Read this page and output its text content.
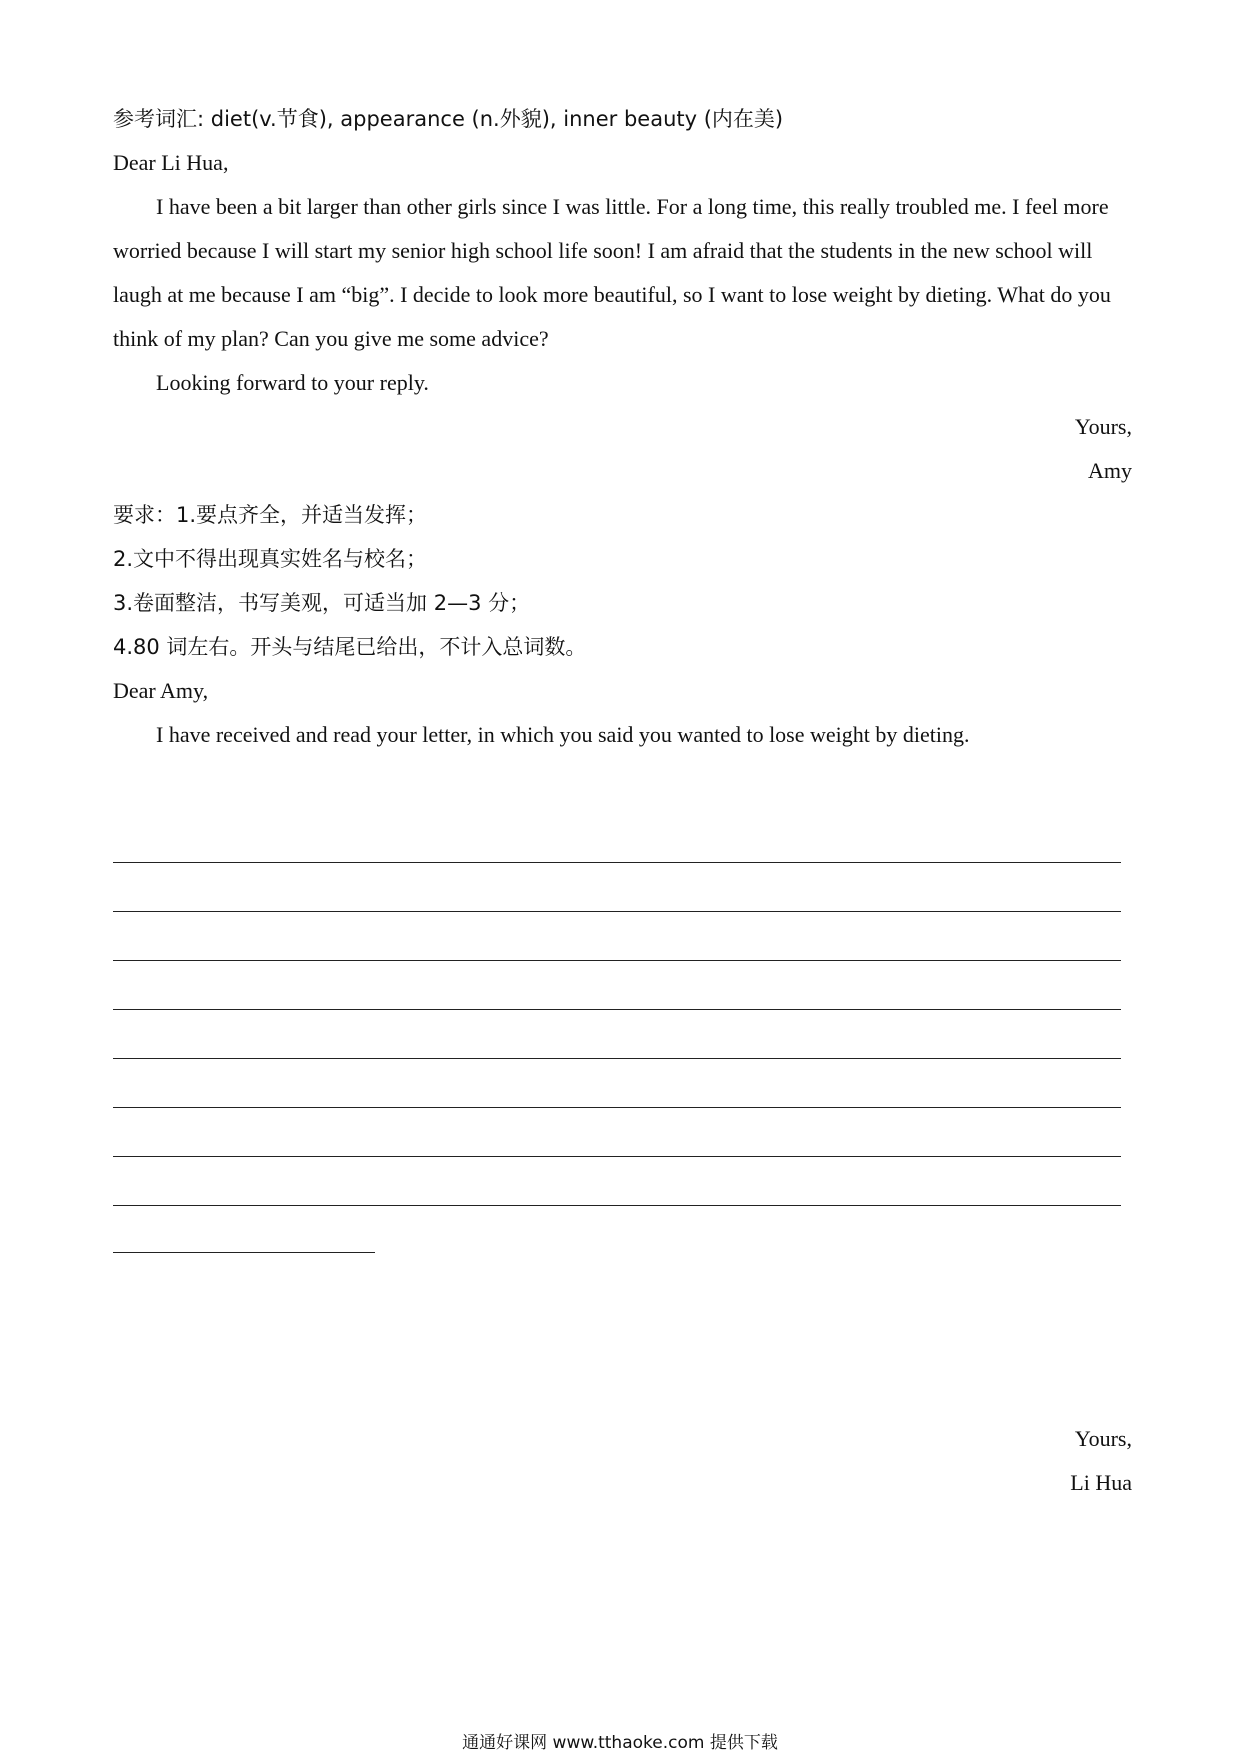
参考词汇: diet(v.节食), appearance (n.外貌), inner beauty (内在美)
Dear Li Hua,
I have been a bit larger than other girls since I was little. For a long time, this really troubled me. I feel more
worried because I will start my senior high school life soon! I am afraid that the students in the new school will
laugh at me because I am “big”. I decide to look more beautiful, so I want to lose weight by dieting. What do you
think of my plan? Can you give me some advice?
Looking forward to your reply.
Yours,
Amy
要求：1.要点齐全，并适当发挥；
2.文中不得出现真实姓名与校名；
3.卷面整洁，书写美观，可适当加 2—3 分；
4.80 词左右。开头与结尾已给出，不计入总词数。
Dear Amy,
I have received and read your letter, in which you said you wanted to lose weight by dieting.
Yours,
Li Hua
通通好课网 www.tthaoke.com 提供下载
